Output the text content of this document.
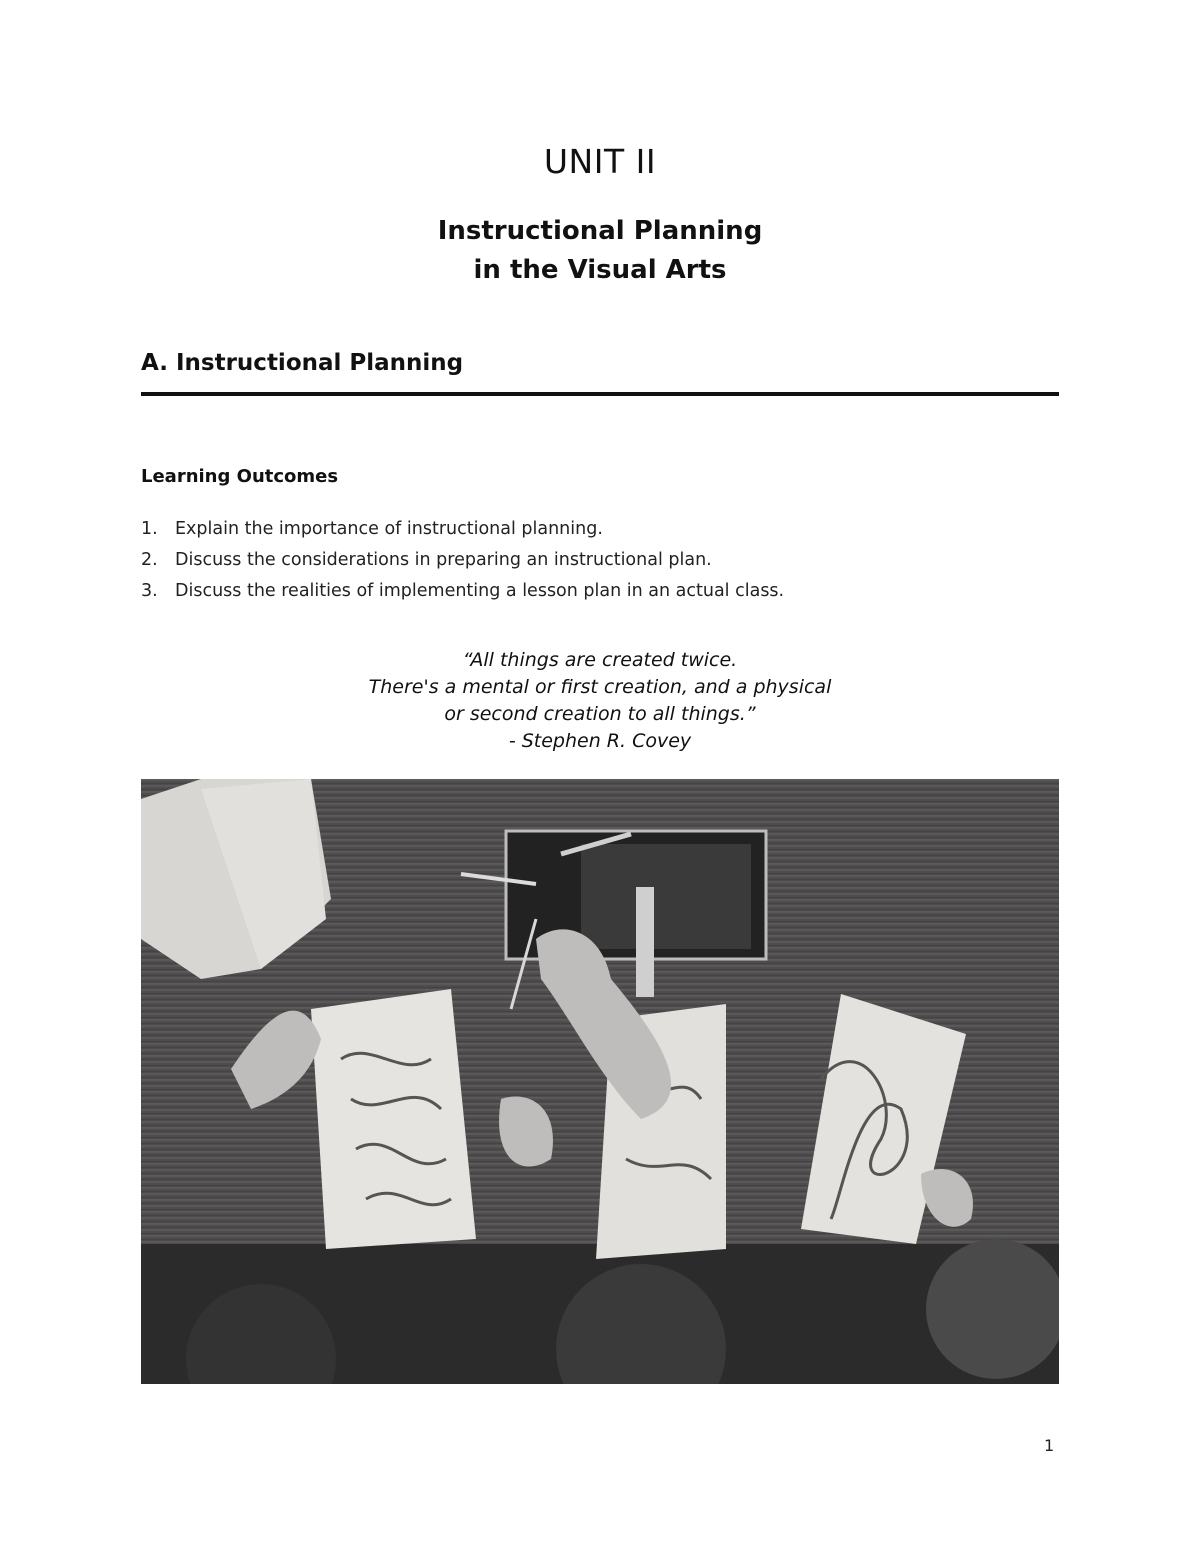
UNIT II
Instructional Planning
in the Visual Arts
A. Instructional Planning
Learning Outcomes
1. Explain the importance of instructional planning.
2. Discuss the considerations in preparing an instructional plan.
3. Discuss the realities of implementing a lesson plan in an actual class.
“All things are created twice.
There's a mental or first creation, and a physical
or second creation to all things.”
- Stephen R. Covey
1
